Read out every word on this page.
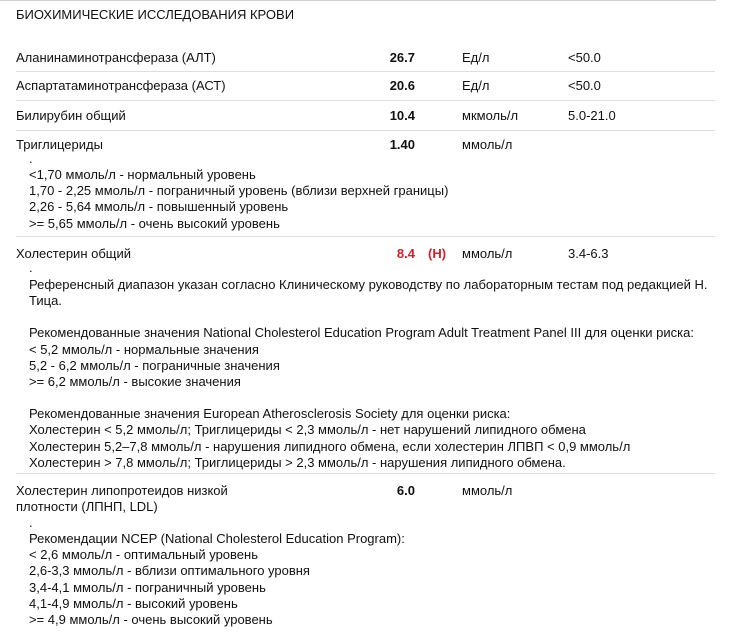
БИОХИМИЧЕСКИЕ ИССЛЕДОВАНИЯ КРОВИ
Аланинаминотрансфераза (АЛТ)	26.7	Ед/л	<50.0
Аспартатаминотрансфераза (АСТ)	20.6	Ед/л	<50.0
Билирубин общий	10.4	мкмоль/л	5.0-21.0
Триглицериды	1.40	ммоль/л
.

<1,70 ммоль/л - нормальный уровень

1,70 - 2,25 ммоль/л - пограничный уровень (вблизи верхней границы)

2,26 - 5,64 ммоль/л - повышенный уровень

>= 5,65 ммоль/л - очень высокий уровень

Холестерин общий	8.4 (H) ммоль/л	3.4-6.3
.

Референсный диапазон указан согласно Клиническому руководству по лабораторным тестам под редакцией Н. Тица.

Рекомендованные значения National Cholesterol Education Program Adult Treatment Panel III для оценки риска:

< 5,2 ммоль/л - нормальные значения

5,2 - 6,2 ммоль/л - пограничные значения

>= 6,2 ммоль/л - высокие значения

Рекомендованные значения European Atherosclerosis Society для оценки риска:

Холестерин < 5,2 ммоль/л; Триглицериды < 2,3 ммоль/л - нет нарушений липидного обмена

Холестерин 5,2–7,8 ммоль/л - нарушения липидного обмена, если холестерин ЛПВП < 0,9 ммоль/л

Холестерин > 7,8 ммоль/л; Триглицериды > 2,3 ммоль/л - нарушения липидного обмена.

Холестерин липопротеидов низкой
плотности (ЛПНП, LDL)
6.0	ммоль/л
.

Рекомендации NCEP (National Cholesterol Education Program):

< 2,6 ммоль/л - оптимальный уровень

2,6-3,3 ммоль/л - вблизи оптимального уровня

3,4-4,1 ммоль/л - пограничный уровень

4,1-4,9 ммоль/л - высокий уровень

>= 4,9 ммоль/л - очень высокий уровень
